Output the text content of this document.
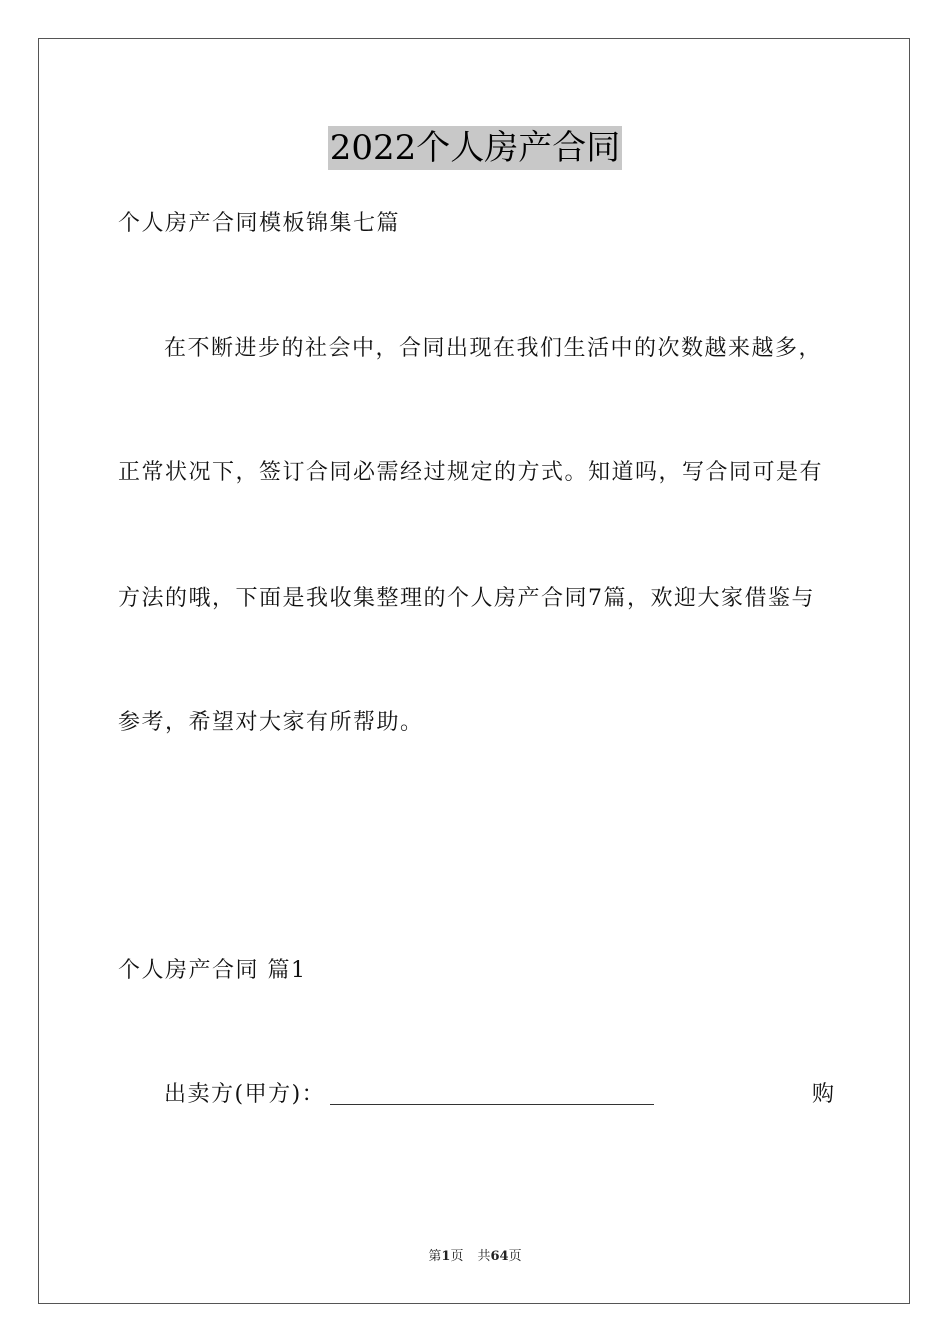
2022个人房产合同
个人房产合同模板锦集七篇
在不断进步的社会中，合同出现在我们生活中的次数越来越多，
正常状况下，签订合同必需经过规定的方式。知道吗，写合同可是有
方法的哦，下面是我收集整理的个人房产合同7篇，欢迎大家借鉴与
参考，希望对大家有所帮助。
个人房产合同 篇1
出卖方(甲方)：	购
第1页 共64页
